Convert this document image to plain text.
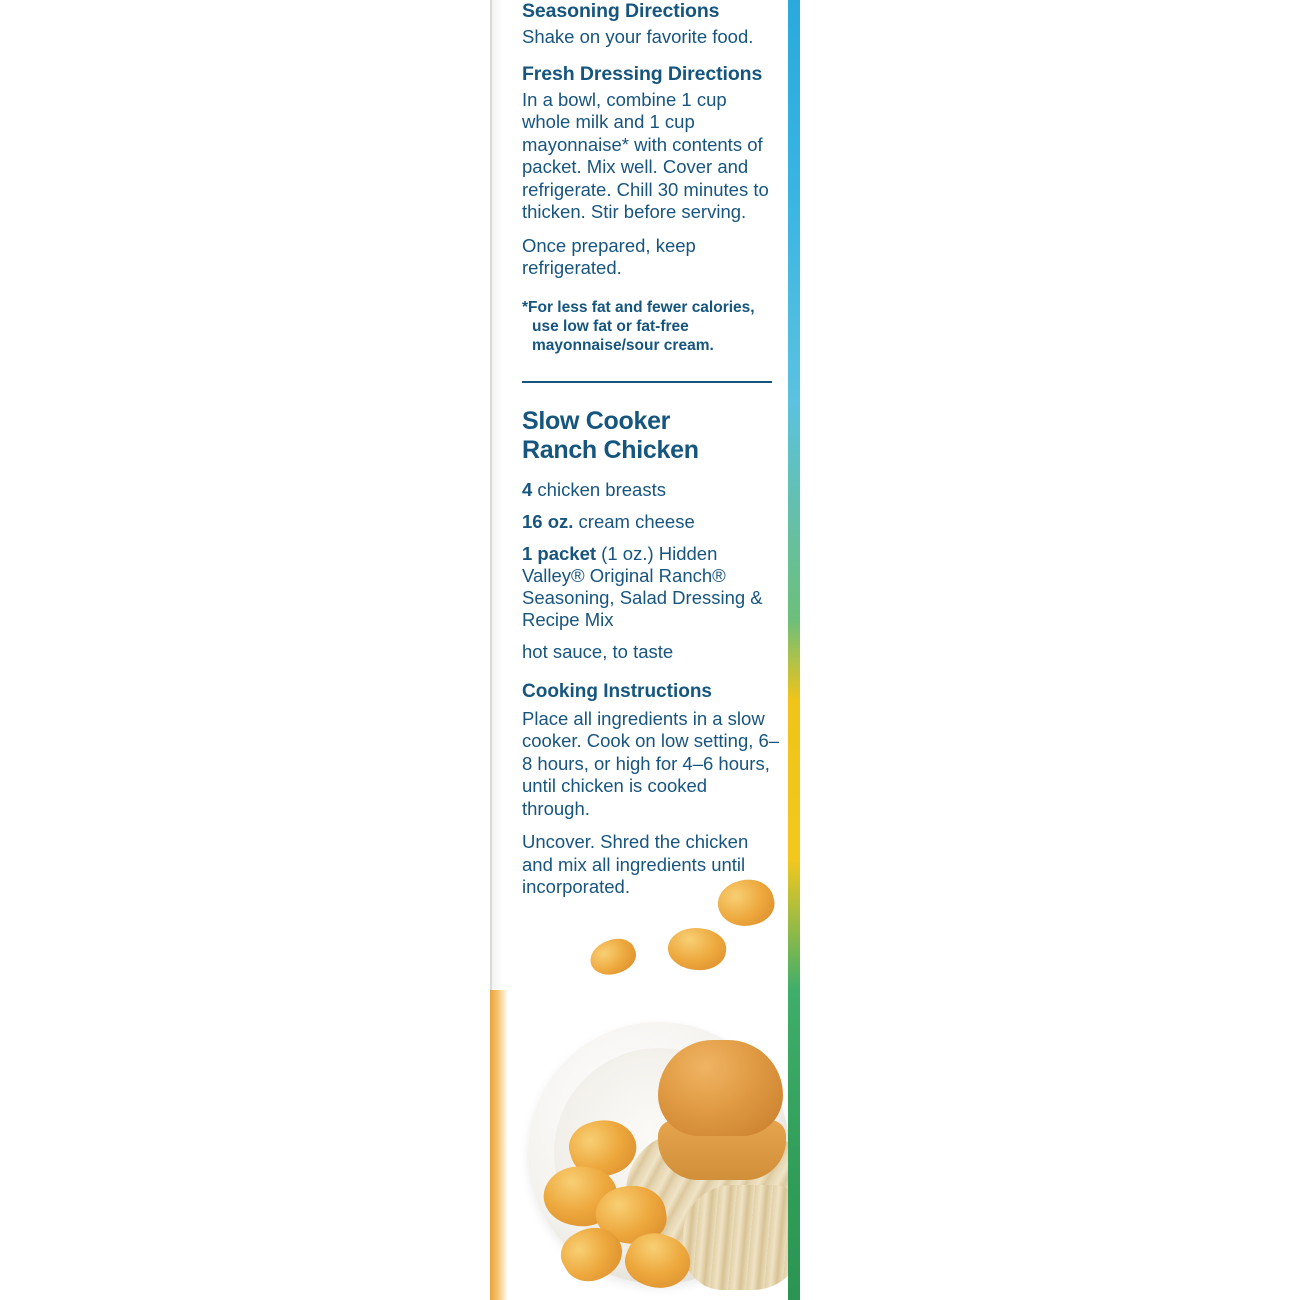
Seasoning Directions

Shake on your favorite food.

Fresh Dressing Directions

In a bowl, combine 1 cup whole milk and 1 cup mayonnaise* with contents of packet. Mix well. Cover and refrigerate. Chill 30 minutes to thicken. Stir before serving.

Once prepared, keep refrigerated.

*For less fat and fewer calories,
use low fat or fat-free
mayonnaise/sour cream.
Slow Cooker
Ranch Chicken

4 chicken breasts

16 oz. cream cheese

1 packet (1 oz.) Hidden Valley® Original Ranch® Seasoning, Salad Dressing & Recipe Mix

hot sauce, to taste

Cooking Instructions

Place all ingredients in a slow cooker. Cook on low setting, 6–8 hours, or high for 4–6 hours, until chicken is cooked through.

Uncover. Shred the chicken and mix all ingredients until incorporated.
